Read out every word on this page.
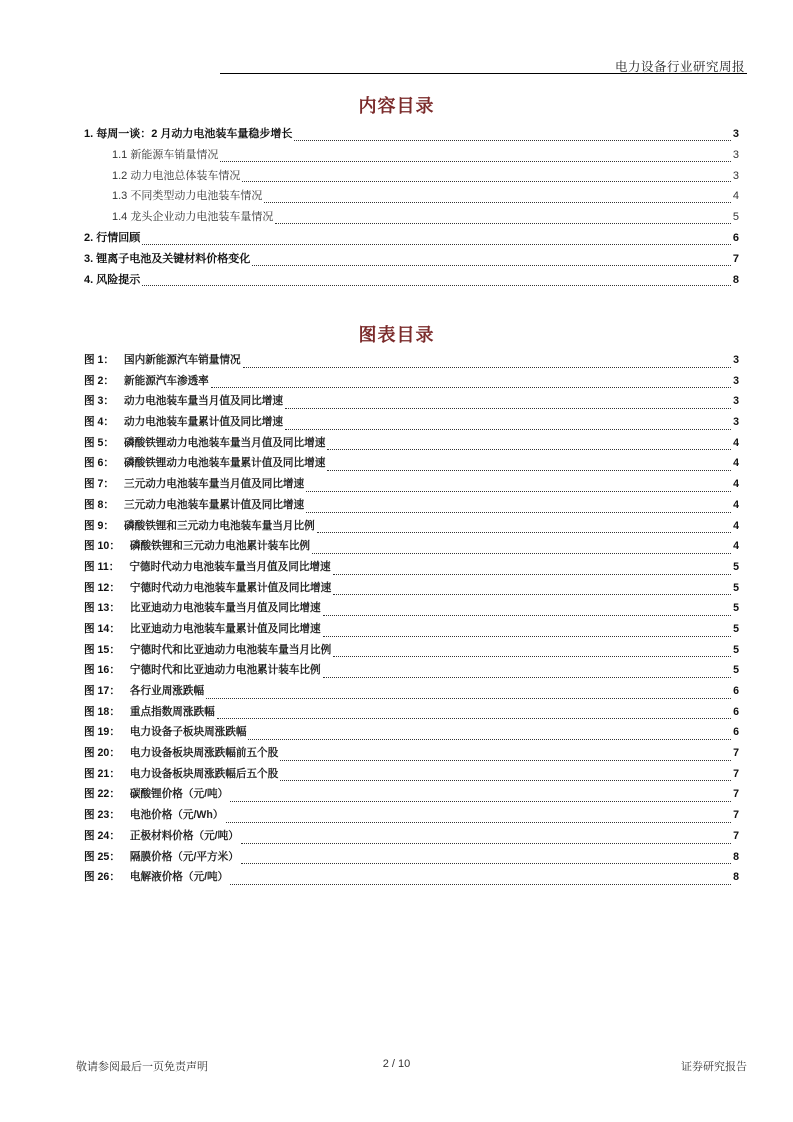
电力设备行业研究周报
内容目录
1. 每周一谈：2 月动力电池装车量稳步增长	3
1.1 新能源车销量情况	3
1.2 动力电池总体装车情况	3
1.3 不同类型动力电池装车情况	4
1.4 龙头企业动力电池装车量情况	5
2. 行情回顾	6
3. 锂离子电池及关键材料价格变化	7
4. 风险提示	8
图表目录
图 1： 国内新能源汽车销量情况	3
图 2： 新能源汽车渗透率	3
图 3： 动力电池装车量当月值及同比增速	3
图 4： 动力电池装车量累计值及同比增速	3
图 5： 磷酸铁锂动力电池装车量当月值及同比增速	4
图 6： 磷酸铁锂动力电池装车量累计值及同比增速	4
图 7： 三元动力电池装车量当月值及同比增速	4
图 8： 三元动力电池装车量累计值及同比增速	4
图 9： 磷酸铁锂和三元动力电池装车量当月比例	4
图 10： 磷酸铁锂和三元动力电池累计装车比例	4
图 11： 宁德时代动力电池装车量当月值及同比增速	5
图 12： 宁德时代动力电池装车量累计值及同比增速	5
图 13： 比亚迪动力电池装车量当月值及同比增速	5
图 14： 比亚迪动力电池装车量累计值及同比增速	5
图 15： 宁德时代和比亚迪动力电池装车量当月比例	5
图 16： 宁德时代和比亚迪动力电池累计装车比例	5
图 17： 各行业周涨跌幅	6
图 18： 重点指数周涨跌幅	6
图 19： 电力设备子板块周涨跌幅	6
图 20： 电力设备板块周涨跌幅前五个股	7
图 21： 电力设备板块周涨跌幅后五个股	7
图 22： 碳酸锂价格（元/吨）	7
图 23： 电池价格（元/Wh）	7
图 24： 正极材料价格（元/吨）	7
图 25： 隔膜价格（元/平方米）	8
图 26： 电解液价格（元/吨）	8
敬请参阅最后一页免责声明	2 / 10	证券研究报告
